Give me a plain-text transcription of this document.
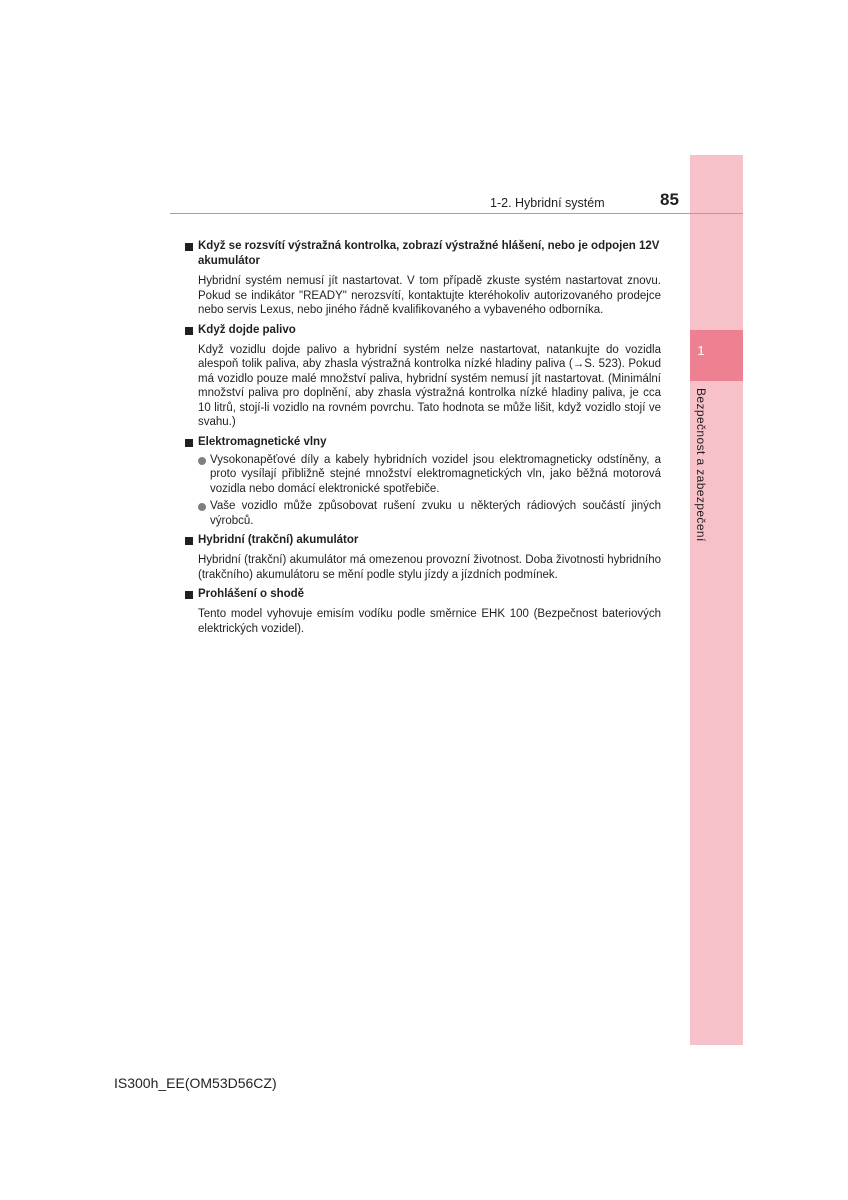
1
Bezpečnost a zabezpečení
1-2. Hybridní systém	85
Když se rozsvítí výstražná kontrolka, zobrazí výstražné hlášení, nebo je odpojen 12V akumulátor
Hybridní systém nemusí jít nastartovat. V tom případě zkuste systém nastartovat znovu. Pokud se indikátor "READY" nerozsvítí, kontaktujte kteréhokoliv autorizovaného prodejce nebo servis Lexus, nebo jiného řádně kvalifikovaného a vybaveného odborníka.
Když dojde palivo
Když vozidlu dojde palivo a hybridní systém nelze nastartovat, natankujte do vozidla alespoň tolik paliva, aby zhasla výstražná kontrolka nízké hladiny paliva (→S. 523). Pokud má vozidlo pouze malé množství paliva, hybridní systém nemusí jít nastartovat. (Minimální množství paliva pro doplnění, aby zhasla výstražná kontrolka nízké hladiny paliva, je cca 10 litrů, stojí-li vozidlo na rovném povrchu. Tato hodnota se může lišit, když vozidlo stojí ve svahu.)
Elektromagnetické vlny
Vysokonapěťové díly a kabely hybridních vozidel jsou elektromagneticky odstíněny, a proto vysílají přibližně stejné množství elektromagnetických vln, jako běžná motorová vozidla nebo domácí elektronické spotřebiče.
Vaše vozidlo může způsobovat rušení zvuku u některých rádiových součástí jiných výrobců.
Hybridní (trakční) akumulátor
Hybridní (trakční) akumulátor má omezenou provozní životnost. Doba životnosti hybridního (trakčního) akumulátoru se mění podle stylu jízdy a jízdních podmínek.
Prohlášení o shodě
Tento model vyhovuje emisím vodíku podle směrnice EHK 100 (Bezpečnost bateriových elektrických vozidel).
IS300h_EE(OM53D56CZ)
